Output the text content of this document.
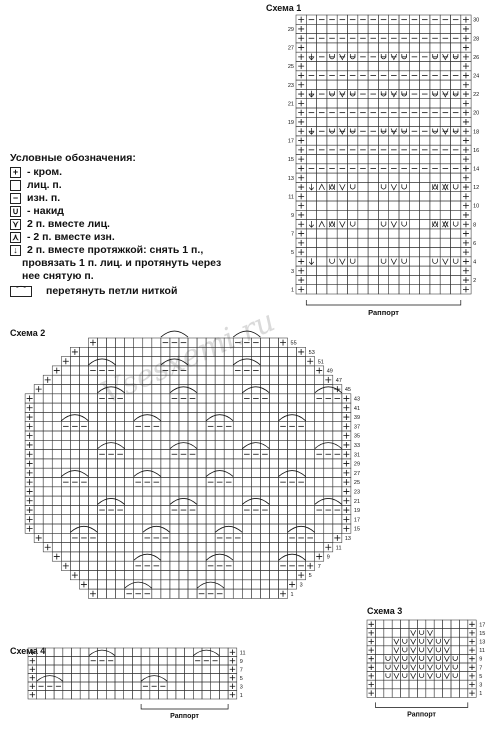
Схема 1
Схема 2
Схема 3
Схема 4
Условные обозначения:
+ - кром.
лиц. п.
− изн. п.
∪ - накид
⋎ 2 п. вместе лиц.
⋏ - 2 п. вместе изн.
↓ 2 п. вместе протяжкой: снять 1 п.,
провязать 1 п. лиц. и протянуть через
нее снятую п.
⌒	перетянуть петли ниткой
Vsesxemi.ru
30
29
28
27
26
25
24
23
22
21
20
19
18
17
16
15
14
13
12
11
10
9
8
7
6
5
4
3
2
1
Раппорт
55
53
51
49
47
45
43
41
39
37
35
33
31
29
27
25
23
21
19
17
15
13
11
9
7
5
3
1
17
15
13
11
9
7
5
3
1
Раппорт
11
9
7
5
3
1
Раппорт
